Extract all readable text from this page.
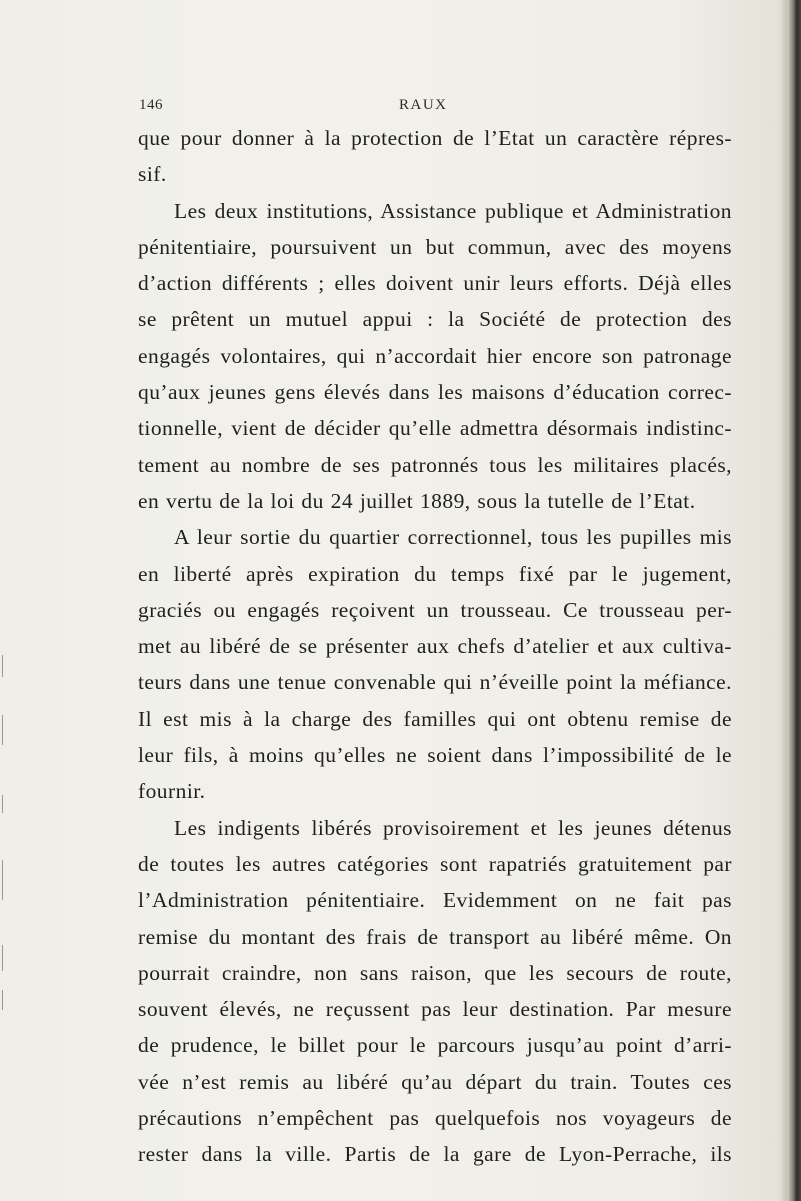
146	RAUX
que pour donner à la protection de l’Etat un caractère répres-
sif.
Les deux institutions, Assistance publique et Administration
pénitentiaire, poursuivent un but commun, avec des moyens
d’action différents ; elles doivent unir leurs efforts. Déjà elles
se prêtent un mutuel appui : la Société de protection des
engagés volontaires, qui n’accordait hier encore son patronage
qu’aux jeunes gens élevés dans les maisons d’éducation correc-
tionnelle, vient de décider qu’elle admettra désormais indistinc-
tement au nombre de ses patronnés tous les militaires placés,
en vertu de la loi du 24 juillet 1889, sous la tutelle de l’Etat.
A leur sortie du quartier correctionnel, tous les pupilles mis
en liberté après expiration du temps fixé par le jugement,
graciés ou engagés reçoivent un trousseau. Ce trousseau per-
met au libéré de se présenter aux chefs d’atelier et aux cultiva-
teurs dans une tenue convenable qui n’éveille point la méfiance.
Il est mis à la charge des familles qui ont obtenu remise de
leur fils, à moins qu’elles ne soient dans l’impossibilité de le
fournir.
Les indigents libérés provisoirement et les jeunes détenus
de toutes les autres catégories sont rapatriés gratuitement par
l’Administration pénitentiaire. Evidemment on ne fait pas
remise du montant des frais de transport au libéré même. On
pourrait craindre, non sans raison, que les secours de route,
souvent élevés, ne reçussent pas leur destination. Par mesure
de prudence, le billet pour le parcours jusqu’au point d’arri-
vée n’est remis au libéré qu’au départ du train. Toutes ces
précautions n’empêchent pas quelquefois nos voyageurs de
rester dans la ville. Partis de la gare de Lyon-Perrache, ils
